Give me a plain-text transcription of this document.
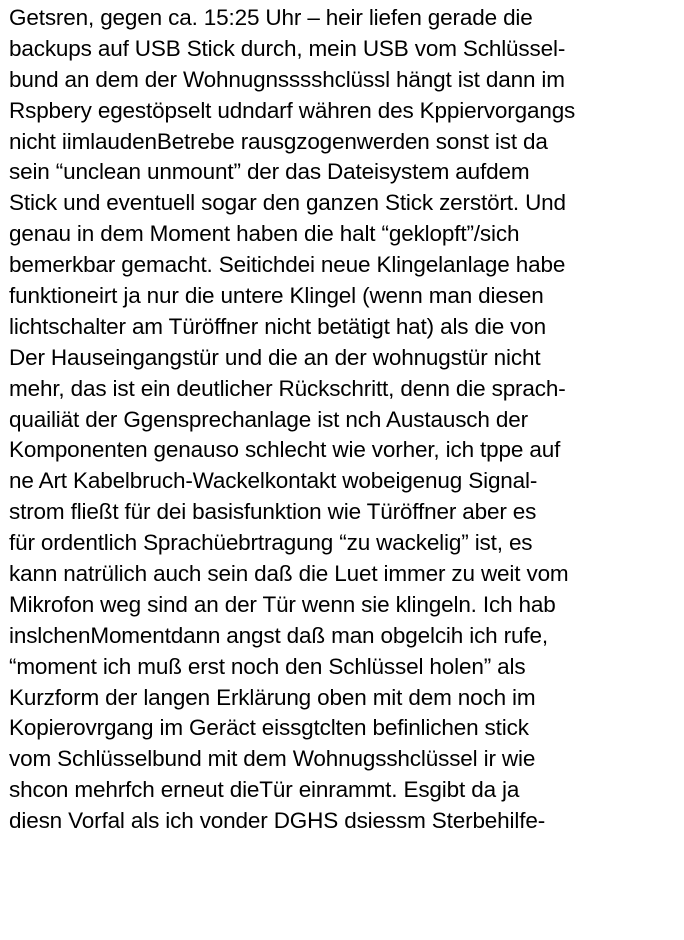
Getsren, gegen ca. 15:25 Uhr – heir liefen gerade die
backups auf USB Stick durch, mein USB vom Schlüssel-
bund an dem der Wohnugnsssshclüssl hängt ist dann im
Rspbery egestöpselt udndarf währen des Kppiervorgangs
nicht iimlaudenBetrebe rausgzogenwerden sonst ist da
sein “unclean unmount” der das Dateisystem aufdem
Stick und eventuell sogar den ganzen Stick zerstört. Und
genau in dem Moment haben die halt “geklopft”/sich
bemerkbar gemacht. Seitichdei neue Klingelanlage habe
funktioneirt ja nur die untere Klingel (wenn man diesen
lichtschalter am Türöffner nicht betätigt hat) als die von
Der Hauseingangstür und die an der wohnugstür nicht
mehr, das ist ein deutlicher Rückschritt, denn die sprach-
quailiät der Ggensprechanlage ist nch Austausch der
Komponenten genauso schlecht wie vorher, ich tppe auf
ne Art Kabelbruch-Wackelkontakt wobeigenug Signal-
strom fließt für dei basisfunktion wie Türöffner aber es
für ordentlich Sprachüebrtragung “zu wackelig” ist, es
kann natrülich auch sein daß die Luet immer zu weit vom
Mikrofon weg sind an der Tür wenn sie klingeln. Ich hab
inslchenMomentdann angst daß man obgelcih ich rufe,
“moment ich muß erst noch den Schlüssel holen” als
Kurzform der langen Erklärung oben mit dem noch im
Kopierovrgang im Geräct eissgtclten befinlichen stick
vom Schlüsselbund mit dem Wohnugsshclüssel ir wie
shcon mehrfch erneut dieTür einrammt. Esgibt da ja
diesn Vorfal als ich vonder DGHS dsiessm Sterbehilfe-
